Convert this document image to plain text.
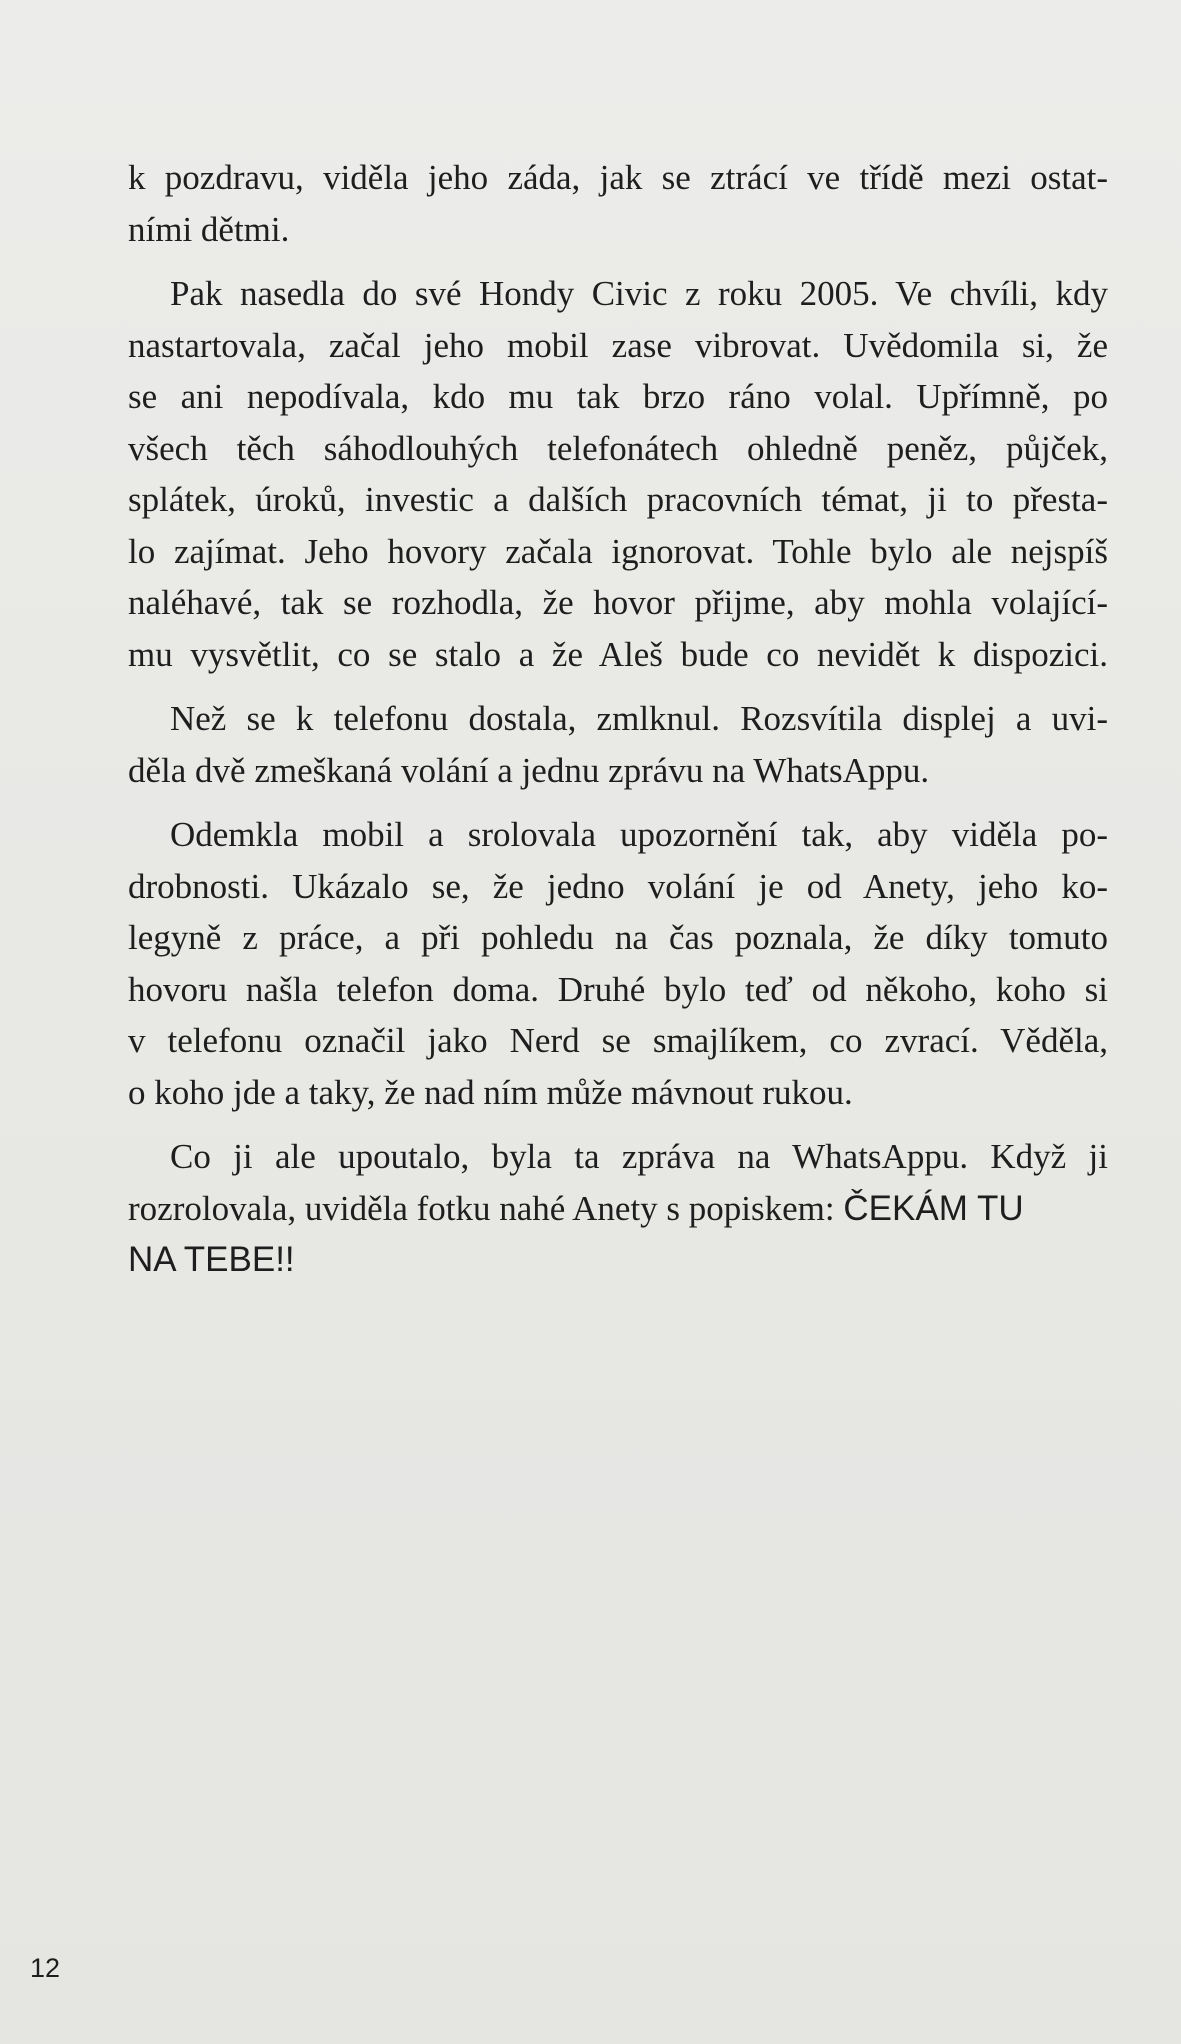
k pozdravu, viděla jeho záda, jak se ztrácí ve třídě mezi ostat-
ními dětmi.
Pak nasedla do své Hondy Civic z roku 2005. Ve chvíli, kdy
nastartovala, začal jeho mobil zase vibrovat. Uvědomila si, že
se ani nepodívala, kdo mu tak brzo ráno volal. Upřímně, po
všech těch sáhodlouhých telefonátech ohledně peněz, půjček,
splátek, úroků, investic a dalších pracovních témat, ji to přesta-
lo zajímat. Jeho hovory začala ignorovat. Tohle bylo ale nejspíš
naléhavé, tak se rozhodla, že hovor přijme, aby mohla volající-
mu vysvětlit, co se stalo a že Aleš bude co nevidět k dispozici.
Než se k telefonu dostala, zmlknul. Rozsvítila displej a uvi-
děla dvě zmeškaná volání a jednu zprávu na WhatsAppu.
Odemkla mobil a srolovala upozornění tak, aby viděla po-
drobnosti. Ukázalo se, že jedno volání je od Anety, jeho ko-
legyně z práce, a při pohledu na čas poznala, že díky tomuto
hovoru našla telefon doma. Druhé bylo teď od někoho, koho si
v telefonu označil jako Nerd se smajlíkem, co zvrací. Věděla,
o koho jde a taky, že nad ním může mávnout rukou.
Co ji ale upoutalo, byla ta zpráva na WhatsAppu. Když ji
rozrolovala, uviděla fotku nahé Anety s popiskem: ČEKÁM TU
NA TEBE!!
12
